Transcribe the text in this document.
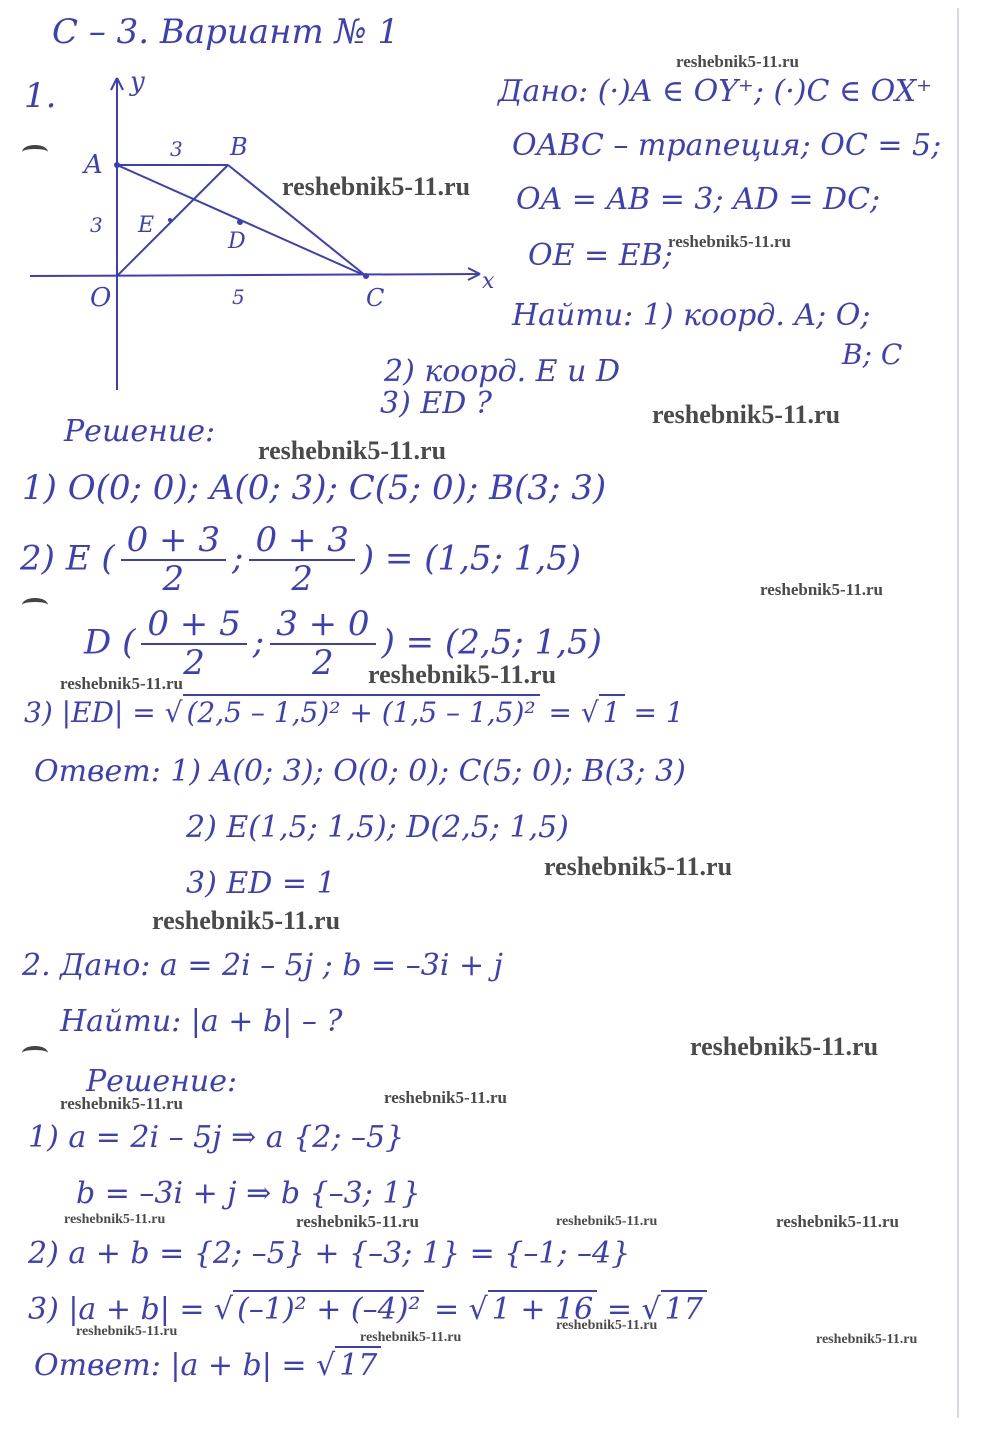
С – 3. Вариант № 1
1.	y
x
A
B
C
O
E
D
3
3
5
Дано: (·)A ∈ OY⁺; (·)C ∈ OX⁺
OABC – трапеция; OC = 5;
OA = AB = 3; AD = DC;
OE = EB;
Найти: 1) коорд. A; O;
B; C
2) коорд. E и D
3) ED ?
Решение:
1) O(0; 0); A(0; 3); C(5; 0); B(3; 3)
2) E ( $\frac{0 + 3}{2}$ ; $\frac{0 + 3}{2}$ ) = (1,5; 1,5)
D ( $\frac{0 + 5}{2}$ ; $\frac{3 + 0}{2}$ ) = (2,5; 1,5)
3) |ED| = √ (2,5 – 1,5)² + (1,5 – 1,5)² = √ 1 = 1
Ответ: 1) A(0; 3); O(0; 0); C(5; 0); B(3; 3)
2) E(1,5; 1,5); D(2,5; 1,5)
3) ED = 1
2. Дано: a = 2i – 5j ; b = –3i + j
Найти: |a + b| – ?
Решение:
1) a = 2i – 5j ⇒ a {2; –5}
b = –3i + j ⇒ b {–3; 1}
2) a + b = {2; –5} + {–3; 1} = {–1; –4}
3) |a + b| = √ (–1)² + (–4)² = √ 1 + 16 = √ 17
Ответ: |a + b| = √ 17
reshebnik5-11.ru
reshebnik5-11.ru
reshebnik5-11.ru
reshebnik5-11.ru
reshebnik5-11.ru
reshebnik5-11.ru
reshebnik5-11.ru
reshebnik5-11.ru
reshebnik5-11.ru
reshebnik5-11.ru
reshebnik5-11.ru
reshebnik5-11.ru	reshebnik5-11.ru
reshebnik5-11.ru	reshebnik5-11.ru	reshebnik5-11.ru	reshebnik5-11.ru
reshebnik5-11.ru	reshebnik5-11.ru
reshebnik5-11.ru
reshebnik5-11.ru
